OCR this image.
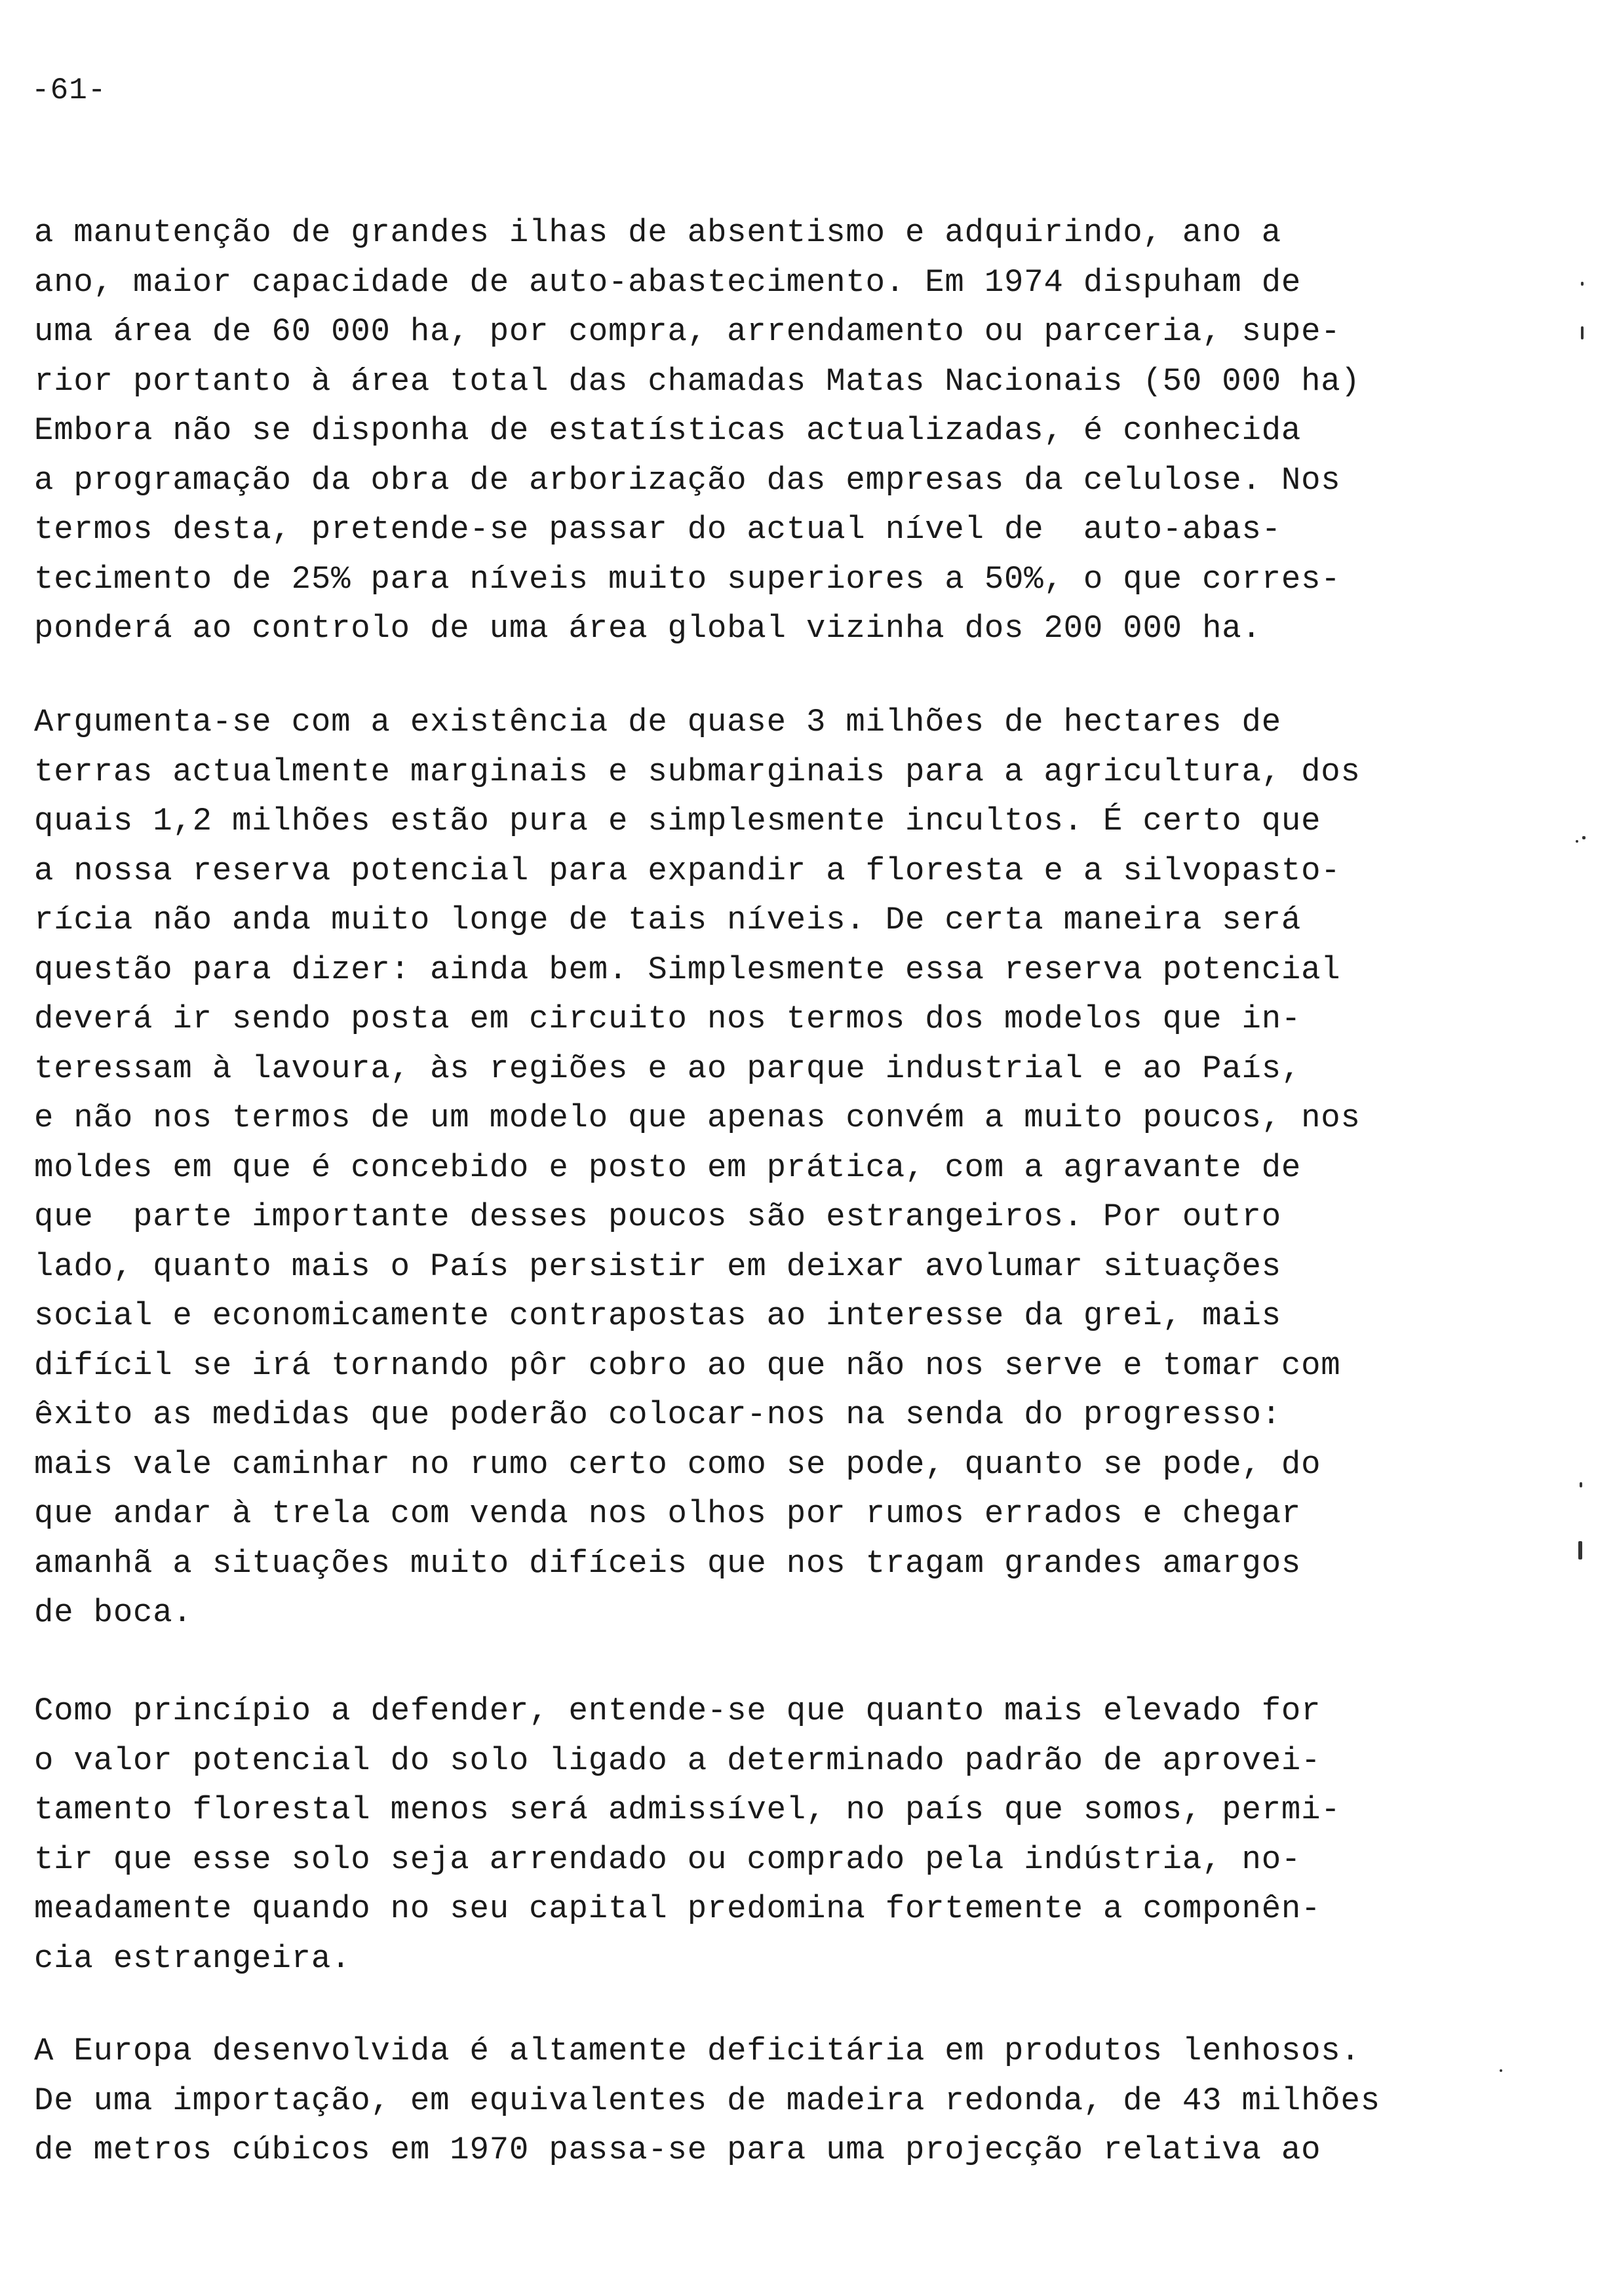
-61-
a manutenção de grandes ilhas de absentismo e adquirindo, ano a
ano, maior capacidade de auto-abastecimento. Em 1974 dispuham de
uma área de 60 000 ha, por compra, arrendamento ou parceria, supe-
rior portanto à área total das chamadas Matas Nacionais (50 000 ha)
Embora não se disponha de estatísticas actualizadas, é conhecida
a programação da obra de arborização das empresas da celulose. Nos
termos desta, pretende-se passar do actual nível de  auto-abas-
tecimento de 25% para níveis muito superiores a 50%, o que corres-
ponderá ao controlo de uma área global vizinha dos 200 000 ha.
Argumenta-se com a existência de quase 3 milhões de hectares de
terras actualmente marginais e submarginais para a agricultura, dos
quais 1,2 milhões estão pura e simplesmente incultos. É certo que
a nossa reserva potencial para expandir a floresta e a silvopasto-
rícia não anda muito longe de tais níveis. De certa maneira será
questão para dizer: ainda bem. Simplesmente essa reserva potencial
deverá ir sendo posta em circuito nos termos dos modelos que in-
teressam à lavoura, às regiões e ao parque industrial e ao País,
e não nos termos de um modelo que apenas convém a muito poucos, nos
moldes em que é concebido e posto em prática, com a agravante de
que  parte importante desses poucos são estrangeiros. Por outro
lado, quanto mais o País persistir em deixar avolumar situações
social e economicamente contrapostas ao interesse da grei, mais
difícil se irá tornando pôr cobro ao que não nos serve e tomar com
êxito as medidas que poderão colocar-nos na senda do progresso:
mais vale caminhar no rumo certo como se pode, quanto se pode, do
que andar à trela com venda nos olhos por rumos errados e chegar
amanhã a situações muito difíceis que nos tragam grandes amargos
de boca.
Como princípio a defender, entende-se que quanto mais elevado for
o valor potencial do solo ligado a determinado padrão de aprovei-
tamento florestal menos será admissível, no país que somos, permi-
tir que esse solo seja arrendado ou comprado pela indústria, no-
meadamente quando no seu capital predomina fortemente a componên-
cia estrangeira.
A Europa desenvolvida é altamente deficitária em produtos lenhosos.
De uma importação, em equivalentes de madeira redonda, de 43 milhões
de metros cúbicos em 1970 passa-se para uma projecção relativa ao
